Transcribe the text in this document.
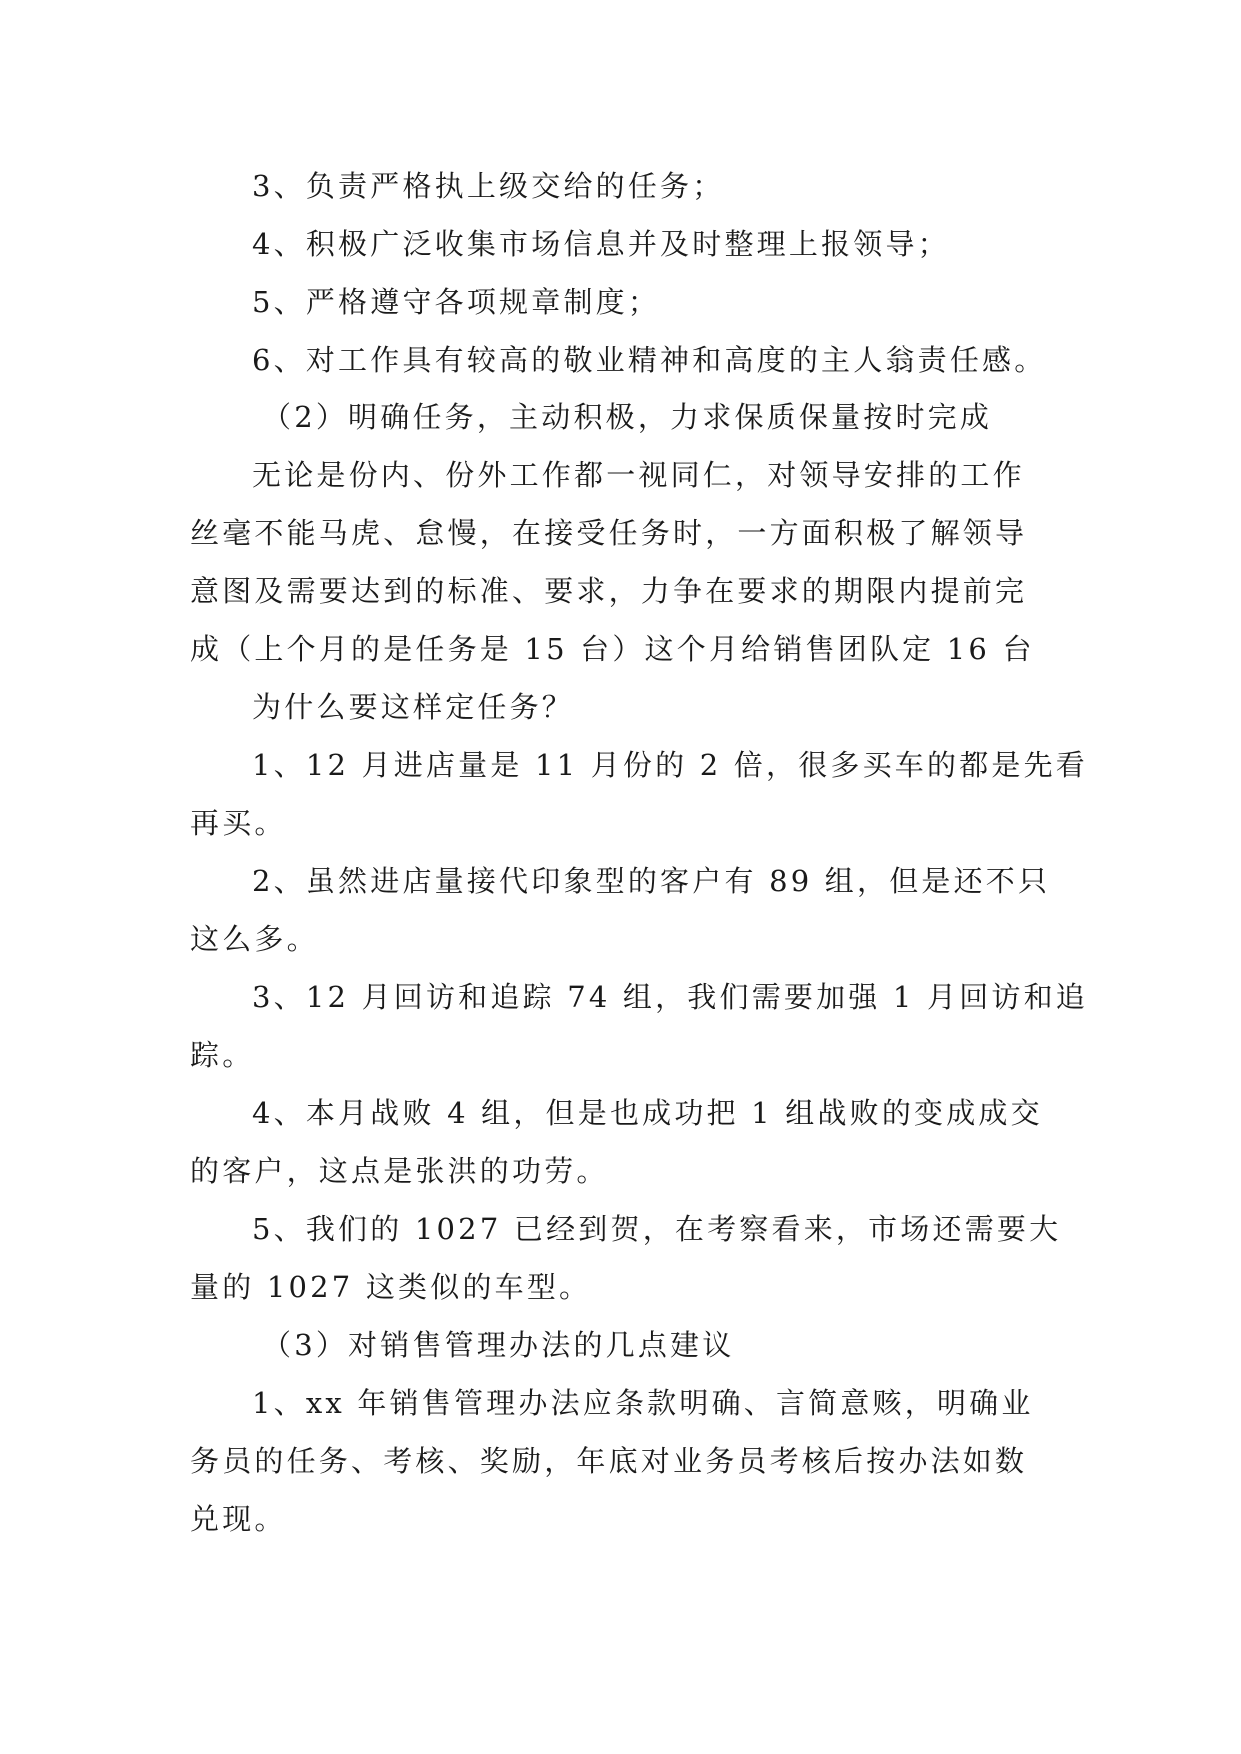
3、负责严格执上级交给的任务；
4、积极广泛收集市场信息并及时整理上报领导；
5、严格遵守各项规章制度；
6、对工作具有较高的敬业精神和高度的主人翁责任感。
（2）明确任务，主动积极，力求保质保量按时完成
无论是份内、份外工作都一视同仁，对领导安排的工作
丝毫不能马虎、怠慢，在接受任务时，一方面积极了解领导
意图及需要达到的标准、要求，力争在要求的期限内提前完
成（上个月的是任务是 15 台）这个月给销售团队定 16 台
为什么要这样定任务？
1、12 月进店量是 11 月份的 2 倍，很多买车的都是先看
再买。
2、虽然进店量接代印象型的客户有 89 组，但是还不只
这么多。
3、12 月回访和追踪 74 组，我们需要加强 1 月回访和追
踪。
4、本月战败 4 组，但是也成功把 1 组战败的变成成交
的客户，这点是张洪的功劳。
5、我们的 1027 已经到贺，在考察看来，市场还需要大
量的 1027 这类似的车型。
（3）对销售管理办法的几点建议
1、xx 年销售管理办法应条款明确、言简意赅，明确业
务员的任务、考核、奖励，年底对业务员考核后按办法如数
兑现。
